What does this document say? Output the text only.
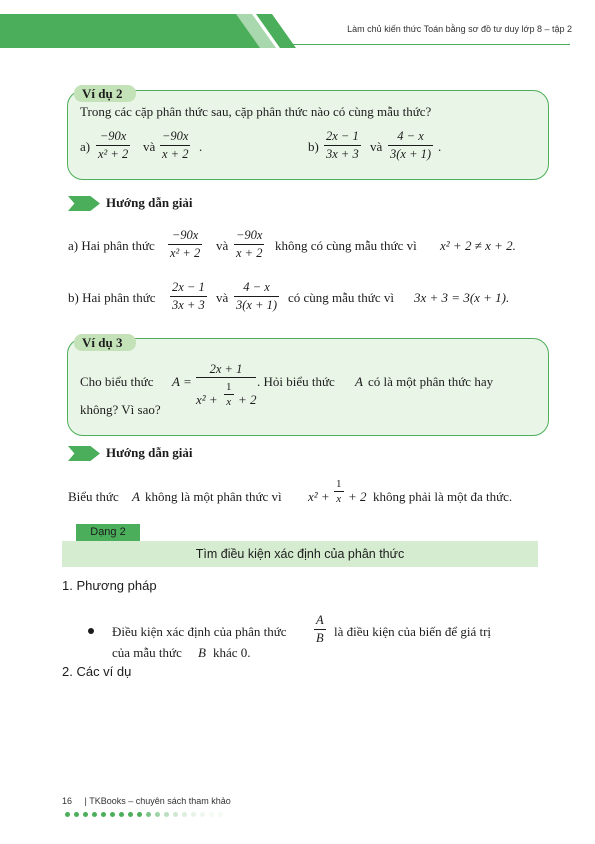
Làm chủ kiến thức Toán bằng sơ đồ tư duy lớp 8 – tập 2
Ví dụ 2
Trong các cặp phân thức sau, cặp phân thức nào có cùng mẫu thức?
$a) \frac{-90x}{\text{x² + 2}}$ và $\frac{-90x}{x + 2}$ .	$b) \frac{2x - 1}{3x + 3}$ và $\frac{4 - x}{3(x + 1)}$ .
Hướng dẫn giải
a) Hai phân thức $\frac{-90x}{\text{x² + 2}}$ và $\frac{-90x}{x + 2}$ không có cùng mẫu thức vì x² + 2 ≠ x + 2.
b) Hai phân thức $\frac{2x - 1}{3x + 3}$ và $\frac{4 - x}{3(x + 1)}$ có cùng mẫu thức vì 3x + 3 = 3(x + 1).
Ví dụ 3
Cho biểu thức A =
2x + 1
$x^2 + \frac{1}{x} + 2$
. Hỏi biểu thức A có là một phân thức hay
không? Vì sao?
Hướng dẫn giải
Biểu thức A không là một phân thức vì $x^2 + \frac{1}{x} + 2$ không phải là một đa thức.
Dạng 2
Tìm điều kiện xác định của phân thức
1. Phương pháp
Điều kiện xác định của phân thức $\frac{A}{B}$ là điều kiện của biến để giá trị
của mẫu thức B khác 0.
2. Các ví dụ
16 | TKBooks – chuyên sách tham khảo
